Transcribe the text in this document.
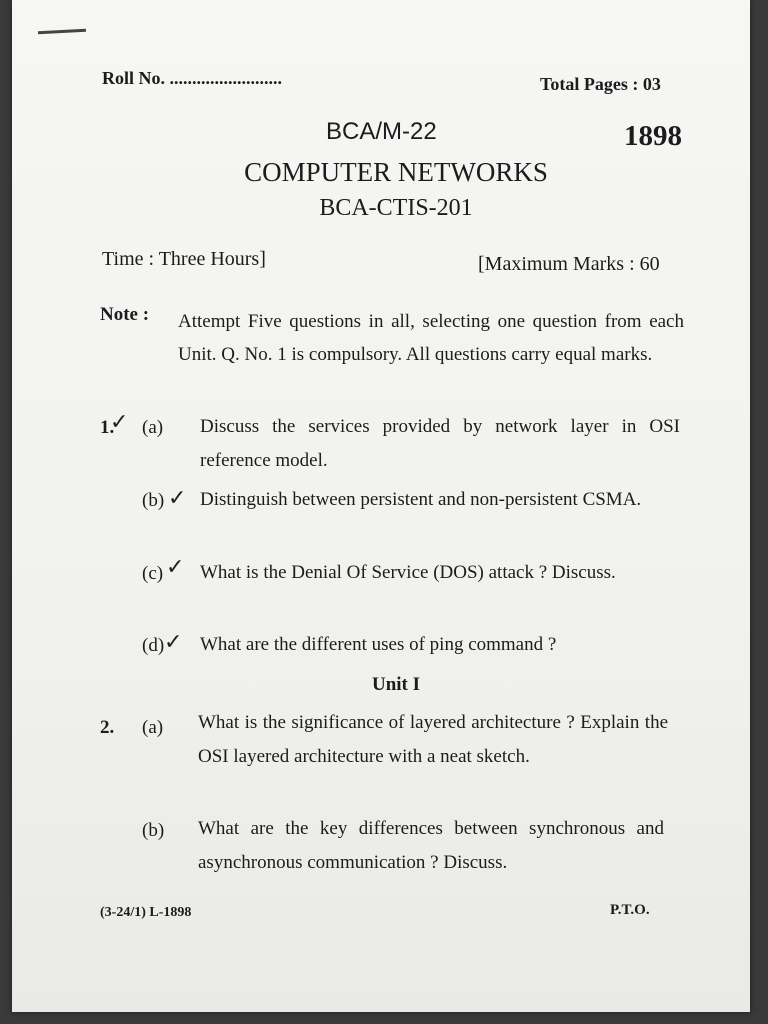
Roll No. .........................	Total Pages : 03
BCA/M-22	1898
COMPUTER NETWORKS
BCA-CTIS-201
Time : Three Hours]	[Maximum Marks : 60
Note : Attempt Five questions in all, selecting one question from each Unit. Q. No. 1 is compulsory. All questions carry equal marks.
1.
✓ (a) Discuss the services provided by network layer in OSI reference model.
(b) ✓ Distinguish between persistent and non-persistent CSMA.
(c) ✓ What is the Denial Of Service (DOS) attack ? Discuss.
(d) ✓ What are the different uses of ping command ?
Unit I
2. (a) What is the significance of layered architecture ? Explain the OSI layered architecture with a neat sketch.
(b) What are the key differences between synchronous and asynchronous communication ? Discuss.
(3-24/1) L-1898	P.T.O.
